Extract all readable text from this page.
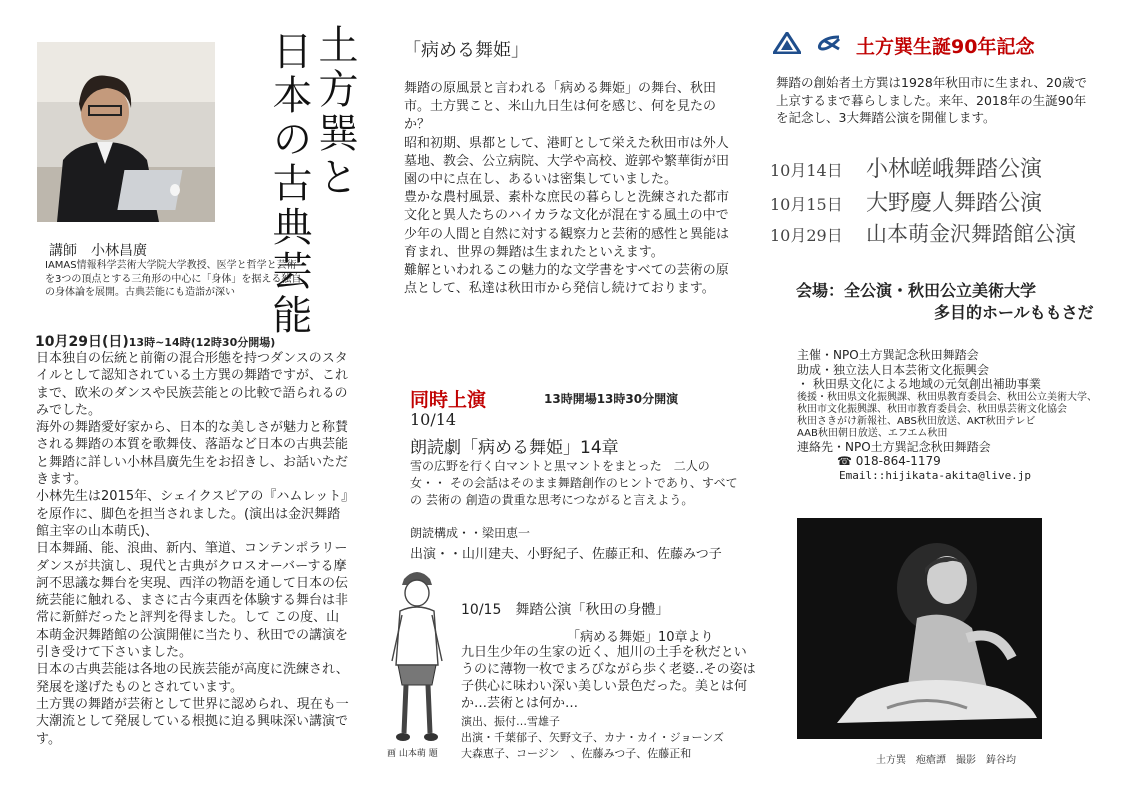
土方巽と
日本の古典芸能
講師　小林昌廣
IAMAS情報科学芸術大学院大学教授、医学と哲学と芸術を3つの頂点とする三角形の中心に「身体」を据える独自の身体論を展開。古典芸能にも造詣が深い
10月29日(日)13時~14時(12時30分開場)

日本独自の伝統と前衛の混合形態を持つダンスのスタイルとして認知されている土方巽の舞踏ですが、これまで、欧米のダンスや民族芸能との比較で語られるのみでした。

海外の舞踏愛好家から、日本的な美しさが魅力と称賛される舞踏の本質を歌舞伎、落語など日本の古典芸能と舞踏に詳しい小林昌廣先生をお招きし、お話いただきます。

小林先生は2015年、シェイクスピアの『ハムレット』を原作に、脚色を担当されました。(演出は金沢舞踏館主宰の山本萌氏)、

日本舞踊、能、浪曲、新内、筆道、コンテンポラリーダンスが共演し、現代と古典がクロスオーバーする摩訶不思議な舞台を実現、西洋の物語を通して日本の伝統芸能に触れる、まさに古今東西を体験する舞台は非常に新鮮だったと評判を得ました。して この度、山本萌金沢舞踏館の公演開催に当たり、秋田での講演を引き受けて下さいました。

日本の古典芸能は各地の民族芸能が高度に洗練され、発展を遂げたものとされています。

土方巽の舞踏が芸術として世界に認められ、現在も一大潮流として発展している根拠に迫る興味深い講演です。

「病める舞姫」

舞踏の原風景と言われる「病める舞姫」の舞台、秋田市。土方巽こと、米山九日生は何を感じ、何を見たのか？

昭和初期、県都として、港町として栄えた秋田市は外人墓地、教会、公立病院、大学や高校、遊郭や繁華街が田園の中に点在し、あるいは密集していました。

豊かな農村風景、素朴な庶民の暮らしと洗練された都市文化と異人たちのハイカラな文化が混在する風土の中で少年の人間と自然に対する観察力と芸術的感性と異能は育まれ、世界の舞踏は生まれたといえます。

難解といわれるこの魅力的な文学書をすべての芸術の原点として、私達は秋田市から発信し続けております。

同時上演	13時開場13時30分開演
10/14
朗読劇「病める舞姫」14章
雪の広野を行く白マントと黒マントをまとった　二人の女・・ その会話はそのまま舞踏創作のヒントであり、すべての 芸術の 創造の貴重な思考につながると言えよう。
朗読構成・・梁田恵一
出演・・山川建夫、小野紀子、佐藤正和、佐藤みつ子
画 山本萌 題
10/15　舞踏公演「秋田の身體」
「病める舞姫」10章より
九日生少年の生家の近く、旭川の土手を秋だというのに薄物一枚でまろびながら歩く老婆‥その姿は子供心に味わい深い美しい景色だった。美とは何か…芸術とは何か…
演出、振付…雪雄子
出演・千葉郁子、矢野文子、カナ・カイ・ジョーンズ
大森恵子、コージン　、佐藤みつ子、佐藤正和
土方巽生誕90年記念
舞踏の創始者土方巽は1928年秋田市に生まれ、20歳で上京するまで暮らしました。来年、2018年の生誕90年を記念し、3大舞踏公演を開催します。
10月14日 小林嵯峨舞踏公演
10月15日 大野慶人舞踏公演
10月29日 山本萌金沢舞踏館公演
会場：全公演・秋田公立美術大学
多目的ホールももさだ
主催・NPO土方巽記念秋田舞踏会
助成・独立法人日本芸術文化振興会
・ 秋田県文化による地域の元気創出補助事業
後援・秋田県文化振興課、秋田県教育委員会、秋田公立美術大学、
秋田市文化振興課、秋田市教育委員会、秋田県芸術文化協会
秋田さきがけ新報社、ABS秋田放送、AKT秋田テレビ
AAB秋田朝日放送、エフエム秋田
連絡先・NPO土方巽記念秋田舞踏会
☎ 018-864-1179
Email::hijikata-akita@live.jp
土方巽　疱瘡譚　撮影　鋳谷均
